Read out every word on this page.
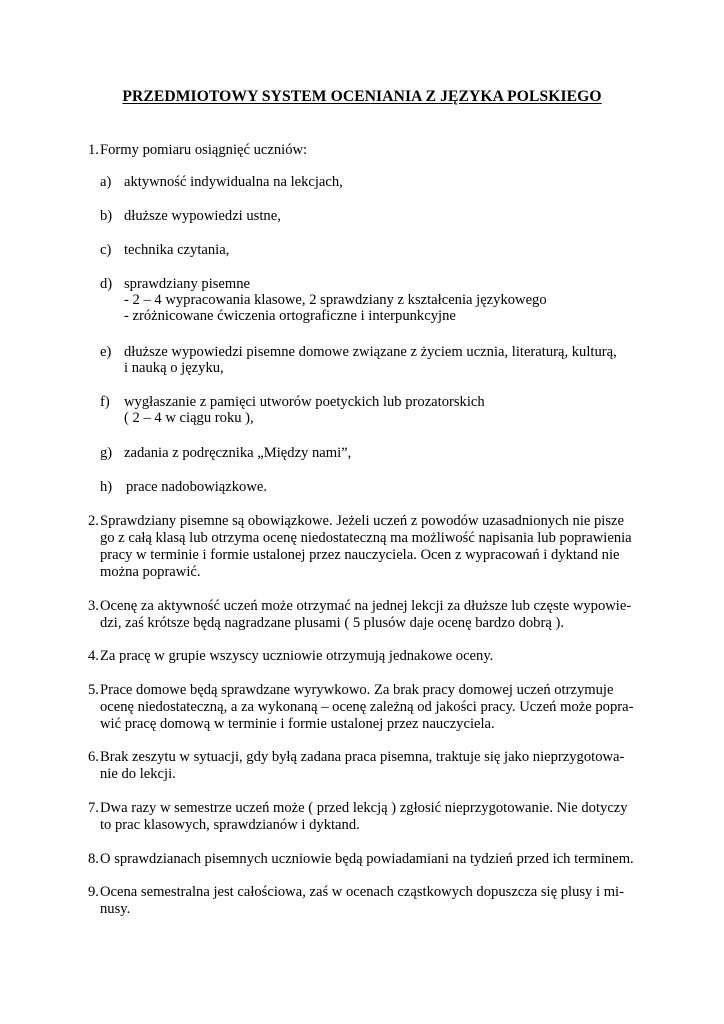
PRZEDMIOTOWY SYSTEM OCENIANIA Z JĘZYKA POLSKIEGO
1. Formy pomiaru osiągnięć uczniów:
a) aktywność indywidualna na lekcjach,
b) dłuższe wypowiedzi ustne,
c) technika czytania,
d) sprawdziany pisemne
- 2 – 4 wypracowania klasowe, 2 sprawdziany z kształcenia językowego
- zróżnicowane ćwiczenia ortograficzne i interpunkcyjne
e) dłuższe wypowiedzi pisemne domowe związane z życiem ucznia, literaturą, kulturą,
i nauką o języku,
f) wygłaszanie z pamięci utworów poetyckich lub prozatorskich
( 2 – 4 w ciągu roku ),
g) zadania z podręcznika „Między nami”,
h) prace nadobowiązkowe.
2. Sprawdziany pisemne są obowiązkowe. Jeżeli uczeń z powodów uzasadnionych nie pisze
go z całą klasą lub otrzyma ocenę niedostateczną ma możliwość napisania lub poprawienia
pracy w terminie i formie ustalonej przez nauczyciela. Ocen z wypracowań i dyktand nie
można poprawić.
3. Ocenę za aktywność uczeń może otrzymać na jednej lekcji za dłuższe lub częste wypowie-
dzi, zaś krótsze będą nagradzane plusami ( 5 plusów daje ocenę bardzo dobrą ).
4. Za pracę w grupie wszyscy uczniowie otrzymują jednakowe oceny.
5. Prace domowe będą sprawdzane wyrywkowo. Za brak pracy domowej uczeń otrzymuje
ocenę niedostateczną, a za wykonaną – ocenę zależną od jakości pracy. Uczeń może popra-
wić pracę domową w terminie i formie ustalonej przez nauczyciela.
6. Brak zeszytu w sytuacji, gdy byłą zadana praca pisemna, traktuje się jako nieprzygotowa-
nie do lekcji.
7. Dwa razy w semestrze uczeń może ( przed lekcją ) zgłosić nieprzygotowanie. Nie dotyczy
to prac klasowych, sprawdzianów i dyktand.
8. O sprawdzianach pisemnych uczniowie będą powiadamiani na tydzień przed ich terminem.
9. Ocena semestralna jest całościowa, zaś w ocenach cząstkowych dopuszcza się plusy i mi-
nusy.
